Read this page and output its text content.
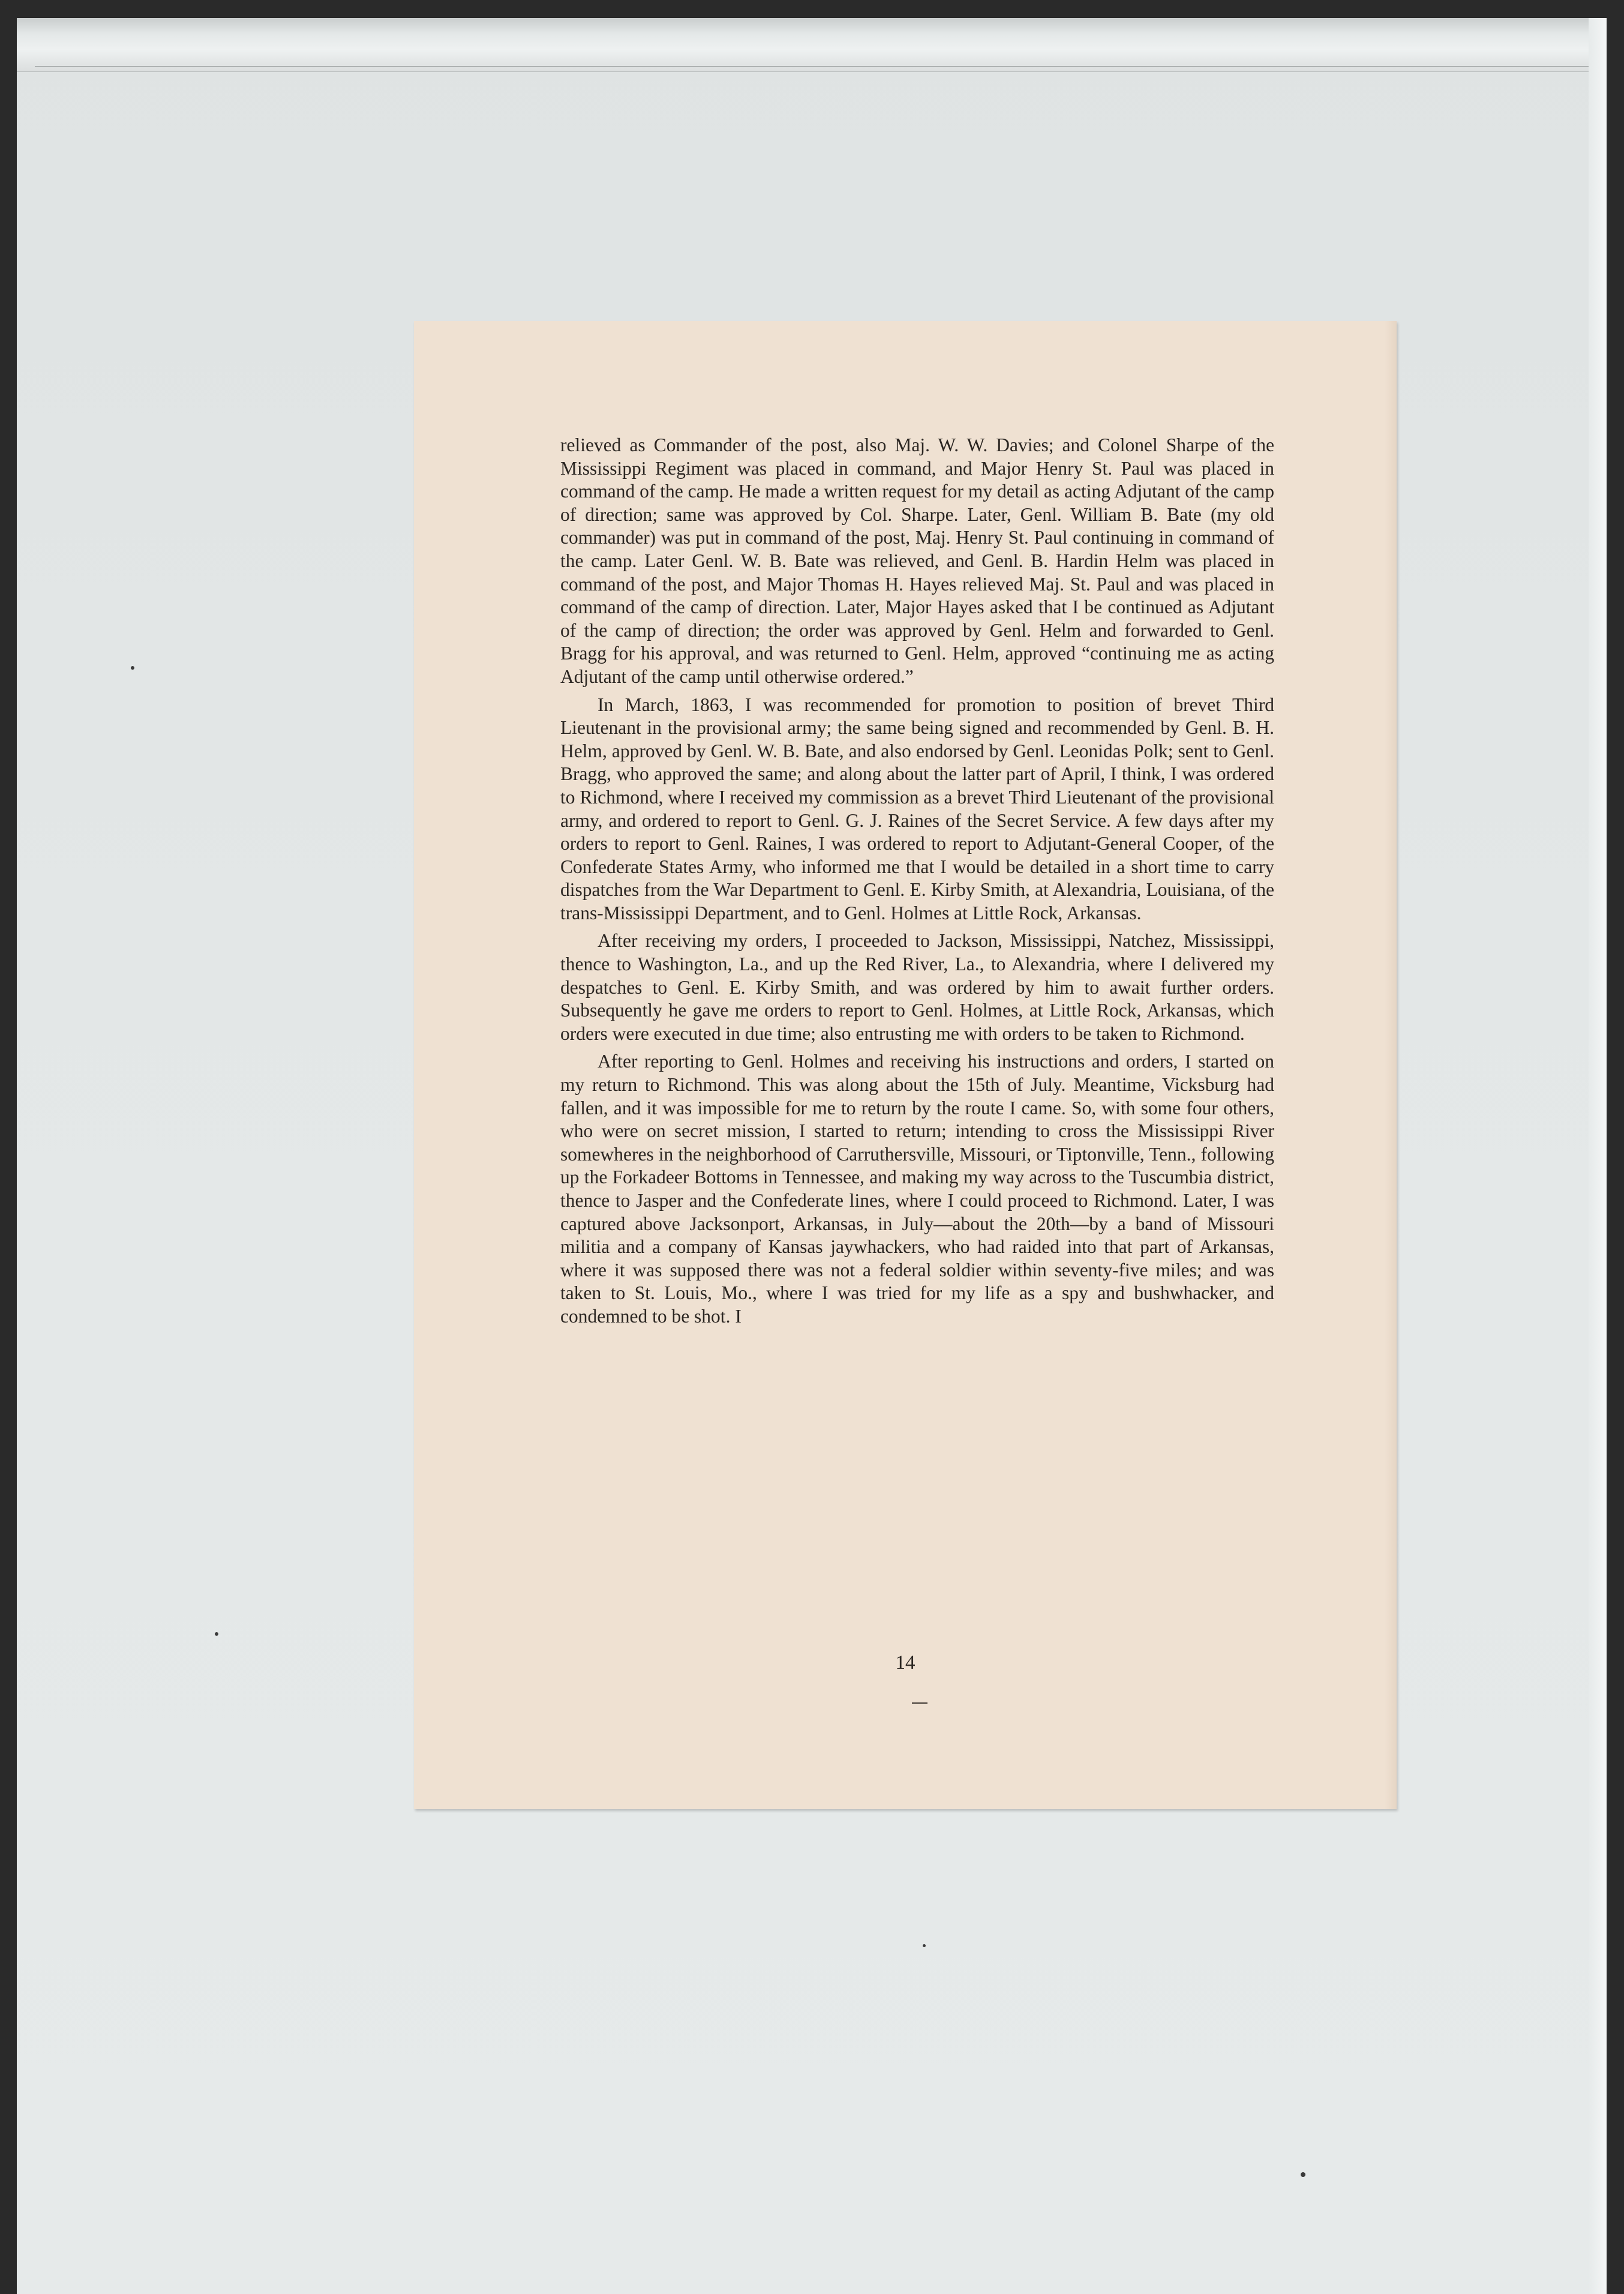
relieved as Commander of the post, also Maj. W. W. Davies; and Colonel Sharpe of the Mississippi Regiment was placed in command, and Major Henry St. Paul was placed in command of the camp. He made a written request for my detail as acting Adjutant of the camp of direction; same was approved by Col. Sharpe. Later, Genl. William B. Bate (my old commander) was put in command of the post, Maj. Henry St. Paul continuing in command of the camp. Later Genl. W. B. Bate was relieved, and Genl. B. Hardin Helm was placed in command of the post, and Major Thomas H. Hayes relieved Maj. St. Paul and was placed in command of the camp of direction. Later, Major Hayes asked that I be continued as Adjutant of the camp of direction; the order was approved by Genl. Helm and forwarded to Genl. Bragg for his approval, and was returned to Genl. Helm, approved “continuing me as acting Adjutant of the camp until otherwise ordered.”

In March, 1863, I was recommended for promotion to position of brevet Third Lieutenant in the provisional army; the same being signed and recommended by Genl. B. H. Helm, approved by Genl. W. B. Bate, and also endorsed by Genl. Leonidas Polk; sent to Genl. Bragg, who approved the same; and along about the latter part of April, I think, I was ordered to Richmond, where I received my commission as a brevet Third Lieutenant of the provisional army, and ordered to report to Genl. G. J. Raines of the Secret Service. A few days after my orders to report to Genl. Raines, I was ordered to report to Adjutant-General Cooper, of the Confederate States Army, who informed me that I would be detailed in a short time to carry dispatches from the War Department to Genl. E. Kirby Smith, at Alexandria, Louisiana, of the trans-Mississippi Department, and to Genl. Holmes at Little Rock, Arkansas.

After receiving my orders, I proceeded to Jackson, Mississippi, Natchez, Mississippi, thence to Washington, La., and up the Red River, La., to Alexandria, where I delivered my despatches to Genl. E. Kirby Smith, and was ordered by him to await further orders. Subsequently he gave me orders to report to Genl. Holmes, at Little Rock, Arkansas, which orders were executed in due time; also entrusting me with orders to be taken to Richmond.

After reporting to Genl. Holmes and receiving his instructions and orders, I started on my return to Richmond. This was along about the 15th of July. Meantime, Vicksburg had fallen, and it was impossible for me to return by the route I came. So, with some four others, who were on secret mission, I started to return; intending to cross the Mississippi River somewheres in the neighborhood of Carruthersville, Missouri, or Tiptonville, Tenn., following up the Forkadeer Bottoms in Tennessee, and making my way across to the Tuscumbia district, thence to Jasper and the Confederate lines, where I could proceed to Richmond. Later, I was captured above Jacksonport, Arkansas, in July—about the 20th—by a band of Missouri militia and a company of Kansas jaywhackers, who had raided into that part of Arkansas, where it was supposed there was not a federal soldier within seventy-five miles; and was taken to St. Louis, Mo., where I was tried for my life as a spy and bushwhacker, and condemned to be shot. I

14
